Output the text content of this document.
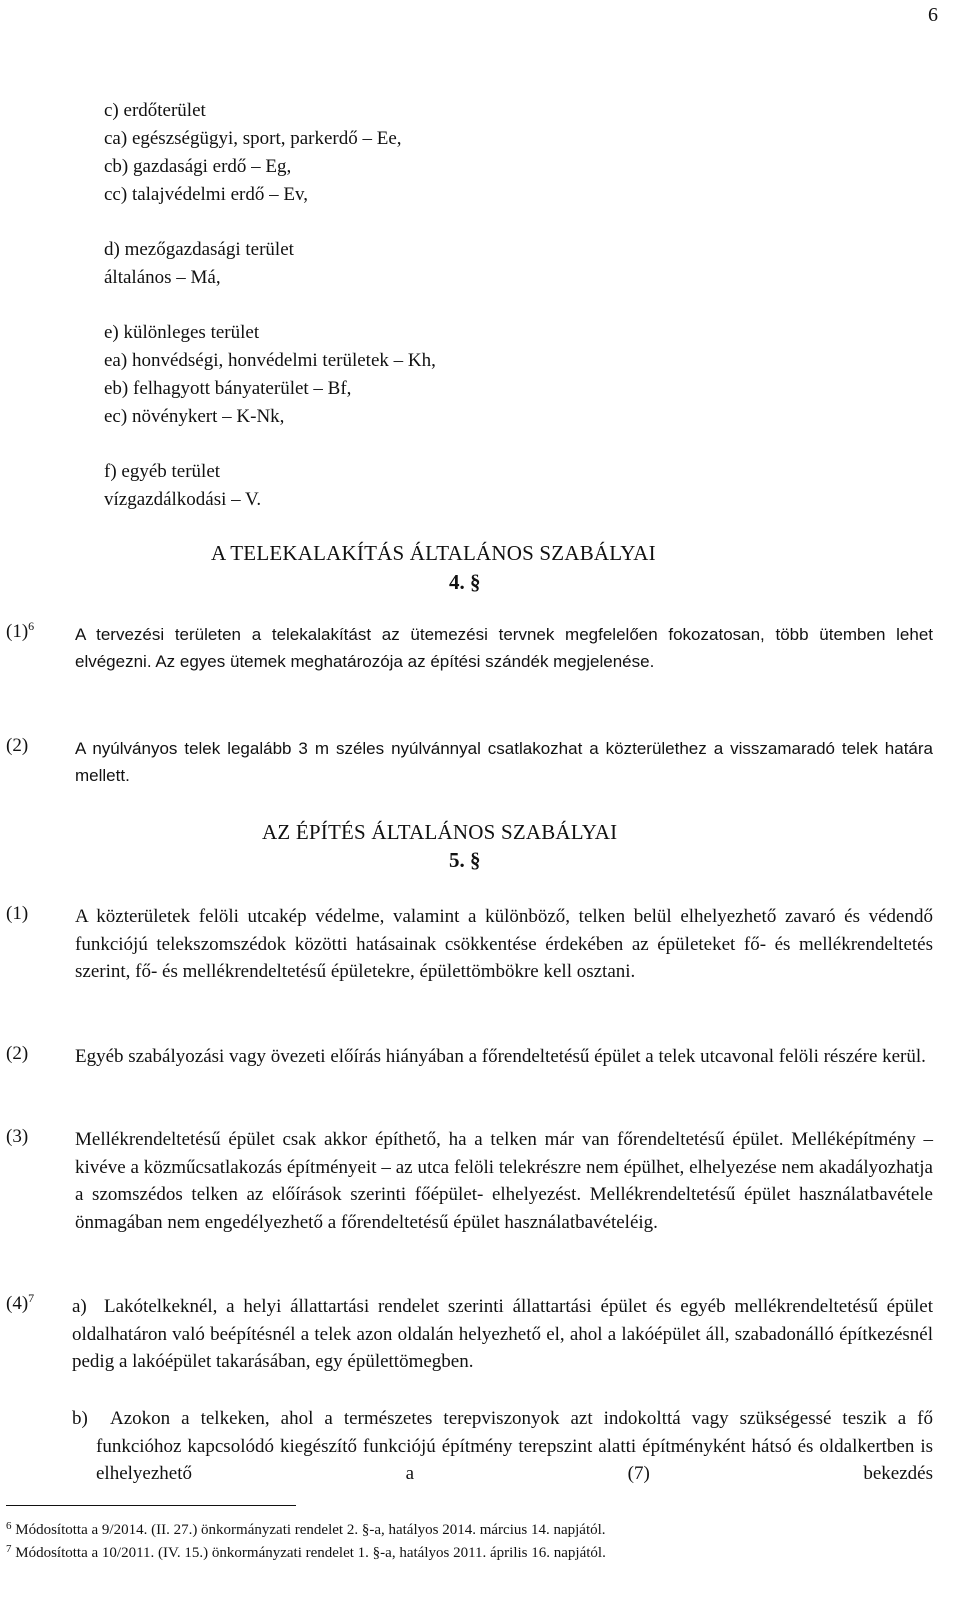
6
c) erdőterület
ca) egészségügyi, sport, parkerdő – Ee,
cb) gazdasági erdő – Eg,
cc) talajvédelmi erdő – Ev,
d) mezőgazdasági terület
általános – Má,
e) különleges terület
ea) honvédségi, honvédelmi területek – Kh,
eb) felhagyott bányaterület – Bf,
ec) növénykert – K-Nk,
f) egyéb terület
vízgazdálkodási – V.
A TELEKALAKÍTÁS ÁLTALÁNOS SZABÁLYAI
4. §
$(1)^6$ A tervezési területen a telekalakítást az ütemezési tervnek megfelelően fokozatosan, több ütemben lehet elvégezni. Az egyes ütemek meghatározója az építési szándék megjelenése.
(2)	A nyúlványos telek legalább 3 m széles nyúlvánnyal csatlakozhat a közterülethez a visszamaradó telek határa mellett.
AZ ÉPÍTÉS ÁLTALÁNOS SZABÁLYAI
5. §
(1) A közterületek felöli utcakép védelme, valamint a különböző, telken belül elhelyezhető zavaró és védendő funkciójú telekszomszédok közötti hatásainak csökkentése érdekében az épületeket fő- és mellékrendeltetés szerint, fő- és mellékrendeltetésű épületekre, épülettömbökre kell osztani.
(2) Egyéb szabályozási vagy övezeti előírás hiányában a főrendeltetésű épület a telek utcavonal felöli részére kerül.
(3) Mellékrendeltetésű épület csak akkor építhető, ha a telken már van főrendeltetésű épület. Melléképítmény – kivéve a közműcsatlakozás építményeit – az utca felöli telekrészre nem épülhet, elhelyezése nem akadályozhatja a szomszédos telken az előírások szerinti főépület- elhelyezést. Mellékrendeltetésű épület használatbavétele önmagában nem engedélyezhető a főrendeltetésű épület használatbavételéig.
$(4)^7$ a) Lakótelkeknél, a helyi állattartási rendelet szerinti állattartási épület és egyéb mellékrendeltetésű épület oldalhatáron való beépítésnél a telek azon oldalán helyezhető el, ahol a lakóépület áll, szabadonálló építkezésnél pedig a lakóépület takarásában, egy épülettömegben.
b)	Azokon a telkeken, ahol a természetes terepviszonyok azt indokolttá vagy szükségessé teszik a fő funkcióhoz kapcsolódó kiegészítő funkciójú építmény terepszint alatti építményként hátsó és oldalkertben is elhelyezhető a (7) bekezdés
$^6$ Módosította a 9/2014. (II. 27.) önkormányzati rendelet 2. §-a, hatályos 2014. március 14. napjától.
$^7$ Módosította a 10/2011. (IV. 15.) önkormányzati rendelet 1. §-a, hatályos 2011. április 16. napjától.
